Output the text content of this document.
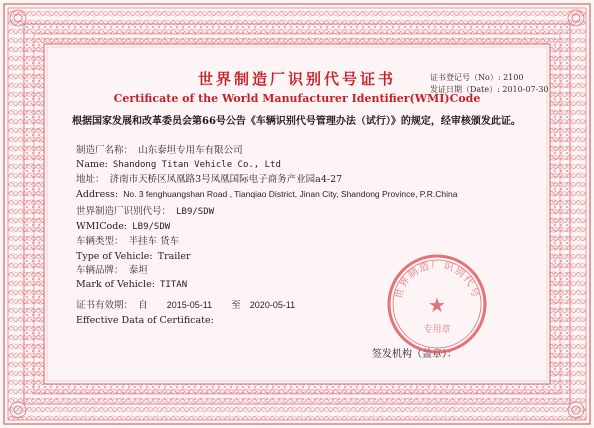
世界制造厂识别代号证书
Certificate of the World Manufacturer Identifier(WMI)Code
证书登记号（No）: 2100
发证日期（Date）: 2010-07-30
根据国家发展和改革委员会第66号公告《车辆识别代号管理办法（试行）》的规定，经审核颁发此证。
制造厂名称： 山东泰坦专用车有限公司
Name: Shandong Titan Vehicle Co., Ltd
地址： 济南市天桥区凤凰路3号凤凰国际电子商务产业园a4-27
Address: No. 3 fenghuangshan Road , Tianqiao District, Jinan City, Shandong Province, P.R.China
世界制造厂识别代号： LB9/SDW
WMICode: LB9/SDW
车辆类型： 半挂车 货车
Type of Vehicle: Trailer
车辆品牌： 泰坦
Mark of Vehicle: TITAN
证书有效期： 自 2015-05-11 至 2020-05-11
Effective Data of Certificate:
签发机构（盖章）：
世界制造厂识别代号
★
专用章
